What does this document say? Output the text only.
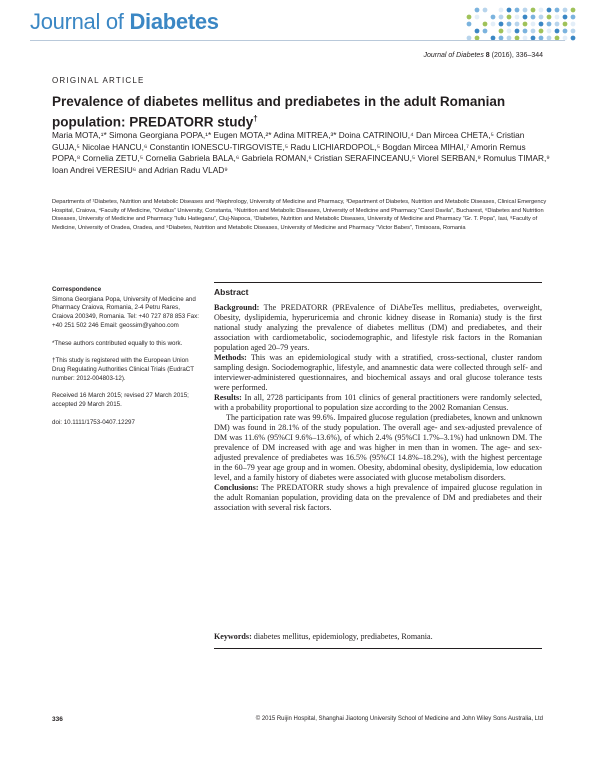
Journal of Diabetes
Journal of Diabetes 8 (2016), 336–344
ORIGINAL ARTICLE
Prevalence of diabetes mellitus and prediabetes in the adult Romanian population: PREDATORR study†
Maria MOTA,¹* Simona Georgiana POPA,¹* Eugen MOTA,²* Adina MITREA,³* Doina CATRINOIU,⁴ Dan Mircea CHETA,⁵ Cristian GUJA,⁵ Nicolae HANCU,⁶ Constantin IONESCU-TIRGOVISTE,⁵ Radu LICHIARDOPOL,⁵ Bogdan Mircea MIHAI,⁷ Amorin Remus POPA,⁸ Cornelia ZETU,⁵ Cornelia Gabriela BALA,⁶ Gabriela ROMAN,⁶ Cristian SERAFINCEANU,⁵ Viorel SERBAN,⁹ Romulus TIMAR,⁹ Ioan Andrei VERESIU⁶ and Adrian Radu VLAD⁹
Departments of ¹Diabetes, Nutrition and Metabolic Diseases and ²Nephrology, University of Medicine and Pharmacy, ³Department of Diabetes, Nutrition and Metabolic Diseases, Clinical Emergency Hospital, Craiova, ⁴Faculty of Medicine, “Ovidius” University, Constanta, ⁵Nutrition and Metabolic Diseases, University of Medicine and Pharmacy “Carol Davila”, Bucharest, ⁶Diabetes and Nutrition Diseases, University of Medicine and Pharmacy “Iuliu Hatieganu”, Cluj-Napoca, ⁷Diabetes, Nutrition and Metabolic Diseases, University of Medicine and Pharmacy “Gr. T. Popa”, Iasi, ⁸Faculty of Medicine, University of Oradea, Oradea, and ⁹Diabetes, Nutrition and Metabolic Diseases, University of Medicine and Pharmacy “Victor Babes”, Timisoara, Romania
Correspondence

Simona Georgiana Popa, University of Medicine and Pharmacy Craiova, Romania, 2-4 Petru Rares, Craiova 200349, Romania. Tel: +40 727 878 853 Fax: +40 251 502 246 Email: geossim@yahoo.com

*These authors contributed equally to this work.

†This study is registered with the European Union Drug Regulating Authorities Clinical Trials (EudraCT number: 2012-004803-12).

Received 16 March 2015; revised 27 March 2015; accepted 29 March 2015.

doi: 10.1111/1753-0407.12297

Abstract

Background: The PREDATORR (PREvalence of DiAbeTes mellitus, prediabetes, overweight, Obesity, dyslipidemia, hyperuricemia and chronic kidney disease in Romania) study is the first national study analyzing the prevalence of diabetes mellitus (DM) and prediabetes, and their association with cardiometabolic, sociodemographic, and lifestyle risk factors in the Romanian population aged 20–79 years.

Methods: This was an epidemiological study with a stratified, cross-sectional, cluster random sampling design. Sociodemographic, lifestyle, and anamnestic data were collected through self- and interviewer-administered questionnaires, and biochemical assays and oral glucose tolerance tests were performed.

Results: In all, 2728 participants from 101 clinics of general practitioners were randomly selected, with a probability proportional to population size according to the 2002 Romanian Census.

The participation rate was 99.6%. Impaired glucose regulation (prediabetes, known and unknown DM) was found in 28.1% of the study population. The overall age- and sex-adjusted prevalence of DM was 11.6% (95%CI 9.6%–13.6%), of which 2.4% (95%CI 1.7%–3.1%) had unknown DM. The prevalence of DM increased with age and was higher in men than in women. The age- and sex-adjusted prevalence of prediabetes was 16.5% (95%CI 14.8%–18.2%), with the highest percentage in the 60–79 year age group and in women. Obesity, abdominal obesity, dyslipidemia, low education level, and a family history of diabetes were associated with glucose metabolism disorders.

Conclusions: The PREDATORR study shows a high prevalence of impaired glucose regulation in the adult Romanian population, providing data on the prevalence of DM and prediabetes and their association with several risk factors.

Keywords: diabetes mellitus, epidemiology, prediabetes, Romania.
336	© 2015 Ruijin Hospital, Shanghai Jiaotong University School of Medicine and John Wiley Sons Australia, Ltd
